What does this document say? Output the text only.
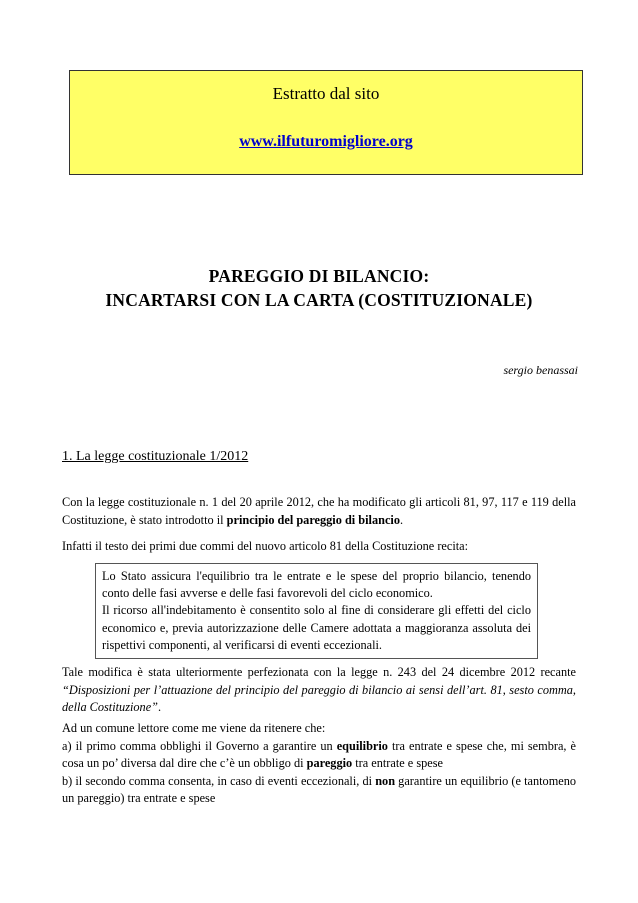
Estratto dal sito
www.ilfuturomigliore.org
PAREGGIO DI BILANCIO:
INCARTARSI CON LA CARTA (COSTITUZIONALE)
sergio benassai
1. La legge costituzionale 1/2012
Con la legge costituzionale n. 1 del 20 aprile 2012, che ha modificato gli articoli 81, 97, 117 e 119 della Costituzione, è stato introdotto il principio del pareggio di bilancio.
Infatti il testo dei primi due commi del nuovo articolo 81 della Costituzione recita:
Lo Stato assicura l'equilibrio tra le entrate e le spese del proprio bilancio, tenendo conto delle fasi avverse e delle fasi favorevoli del ciclo economico.
Il ricorso all'indebitamento è consentito solo al fine di considerare gli effetti del ciclo economico e, previa autorizzazione delle Camere adottata a maggioranza assoluta dei rispettivi componenti, al verificarsi di eventi eccezionali.
Tale modifica è stata ulteriormente perfezionata con la legge n. 243 del 24 dicembre 2012 recante “Disposizioni per l’attuazione del principio del pareggio di bilancio ai sensi dell’art. 81, sesto comma, della Costituzione”.
Ad un comune lettore come me viene da ritenere che:
a) il primo comma obblighi il Governo a garantire un equilibrio tra entrate e spese che, mi sembra, è cosa un po’ diversa dal dire che c’è un obbligo di pareggio tra entrate e spese
b) il secondo comma consenta, in caso di eventi eccezionali, di non garantire un equilibrio (e tantomeno un pareggio) tra entrate e spese
